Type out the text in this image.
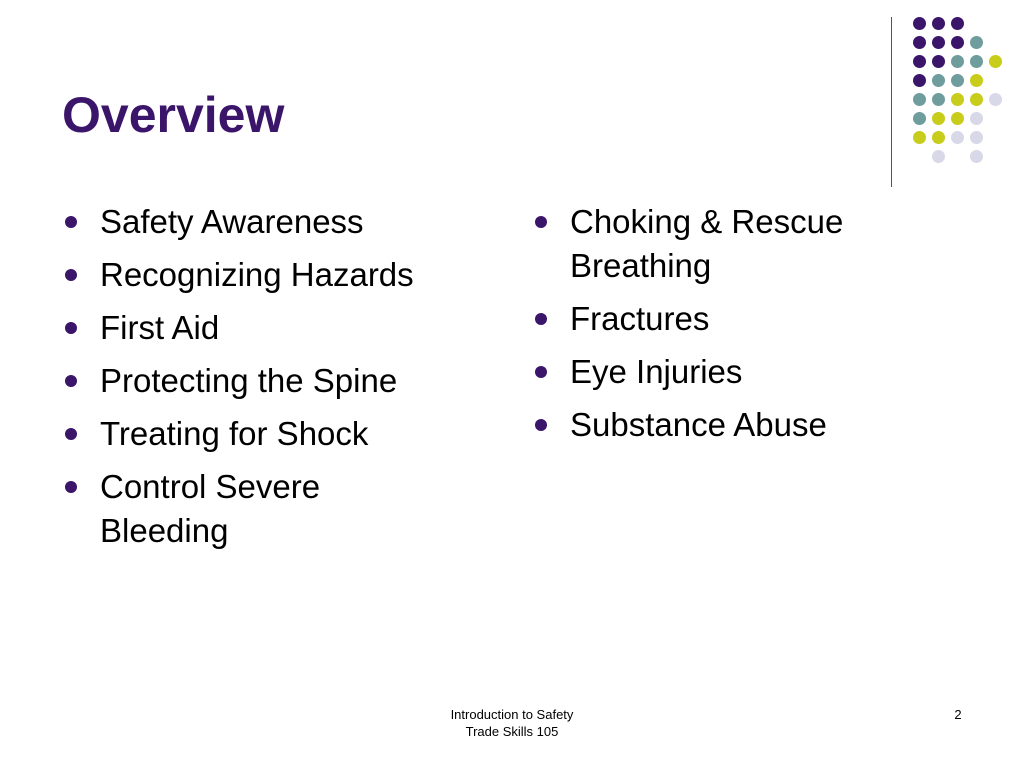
Overview
Safety Awareness
Recognizing Hazards
First Aid
Protecting the Spine
Treating for Shock
Control Severe Bleeding
Choking & Rescue Breathing
Fractures
Eye Injuries
Substance Abuse
Introduction to Safety
Trade Skills 105
2
